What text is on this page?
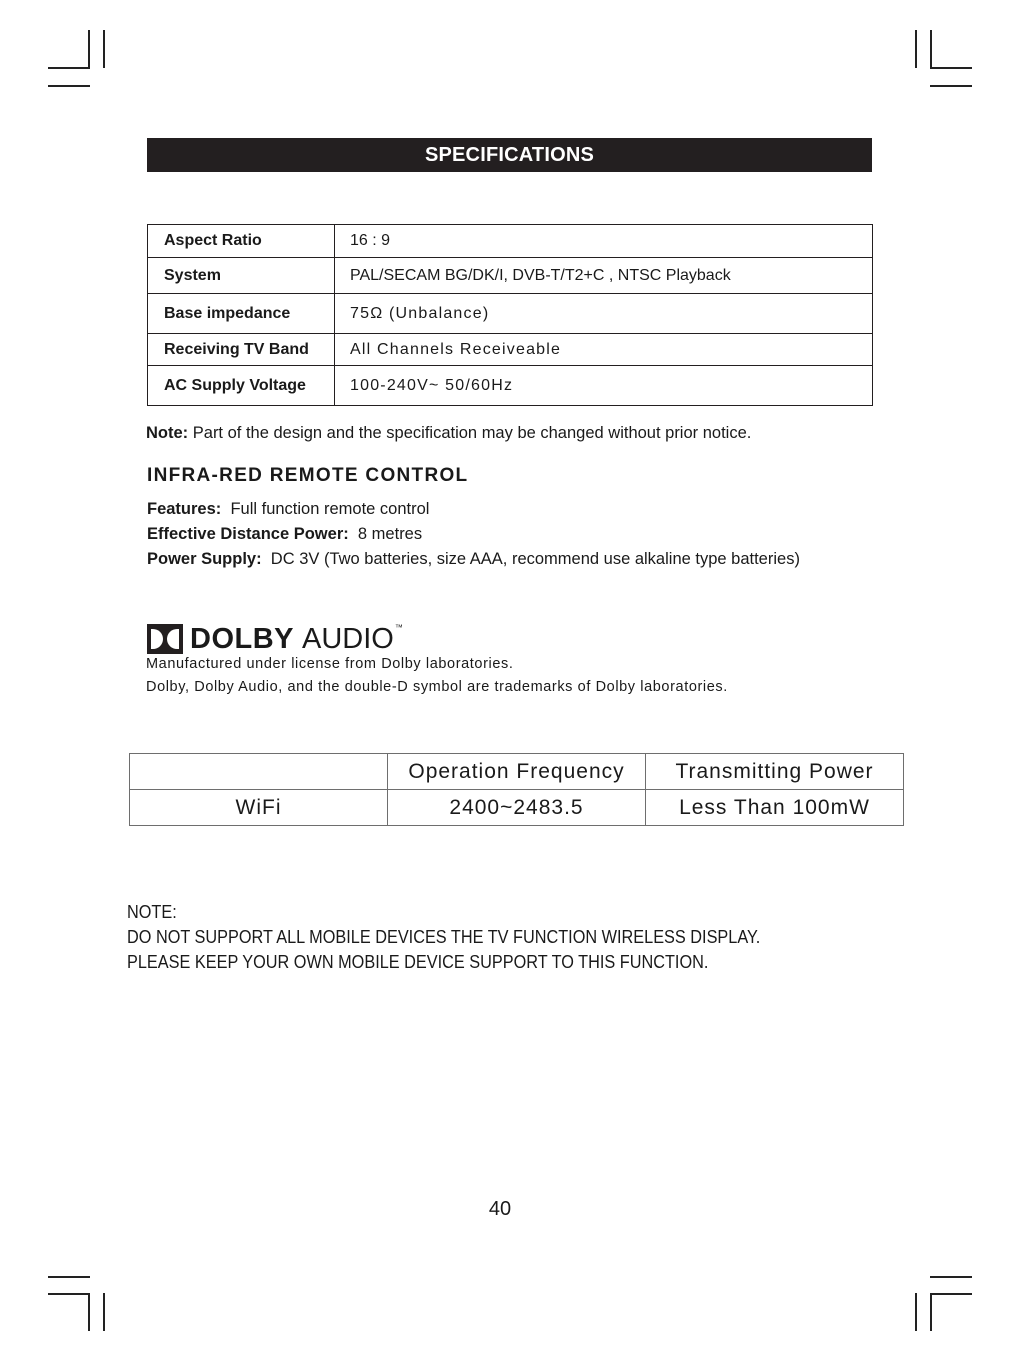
SPECIFICATIONS
Aspect Ratio	16 : 9
System	PAL/SECAM BG/DK/I, DVB-T/T2+C , NTSC Playback
Base impedance	75Ω (Unbalance)
Receiving TV Band	All Channels Receiveable
AC Supply Voltage	100-240V~ 50/60Hz
Note: Part of the design and the specification may be changed without prior notice.
INFRA-RED REMOTE CONTROL
Features: Full function remote control
Effective Distance Power: 8 metres
Power Supply: DC 3V (Two batteries, size AAA, recommend use alkaline type batteries)
DOLBY AUDIO™
Manufactured under license from Dolby laboratories.
Dolby, Dolby Audio, and the double-D symbol are trademarks of Dolby laboratories.
	Operation Frequency	Transmitting Power
WiFi	2400~2483.5	Less Than 100mW
NOTE:
DO NOT SUPPORT ALL MOBILE DEVICES THE TV FUNCTION WIRELESS DISPLAY.
PLEASE KEEP YOUR OWN MOBILE DEVICE SUPPORT TO THIS FUNCTION.
40
